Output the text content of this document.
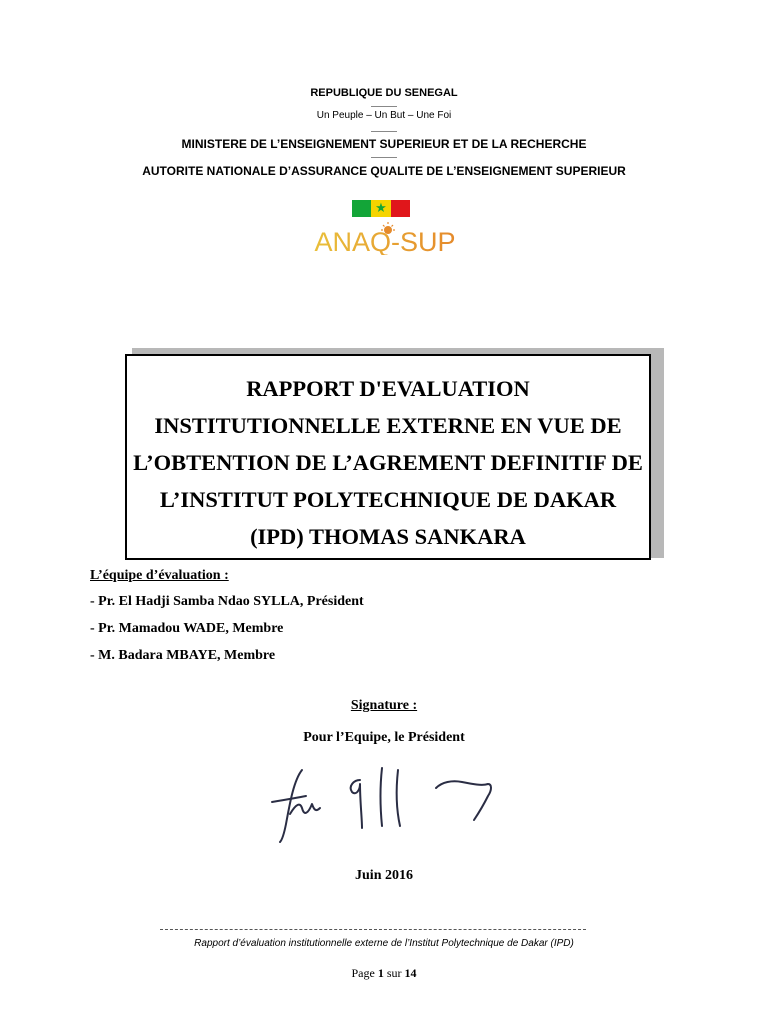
REPUBLIQUE DU SENEGAL
Un Peuple – Un But – Une Foi
MINISTERE DE L’ENSEIGNEMENT SUPERIEUR ET DE LA RECHERCHE
AUTORITE NATIONALE D’ASSURANCE QUALITE DE L’ENSEIGNEMENT SUPERIEUR
★
ANAQ-SUP
RAPPORT D'EVALUATION INSTITUTIONNELLE EXTERNE EN VUE DE L’OBTENTION DE L’AGREMENT DEFINITIF DE L’INSTITUT POLYTECHNIQUE DE DAKAR (IPD) THOMAS SANKARA
L’équipe d’évaluation :
- Pr. El Hadji Samba Ndao SYLLA, Président
- Pr. Mamadou WADE, Membre
- M. Badara MBAYE, Membre
Signature :
Pour l’Equipe, le Président
Juin 2016
Rapport d’évaluation institutionnelle externe de l’Institut Polytechnique de Dakar (IPD)
Page 1 sur 14
